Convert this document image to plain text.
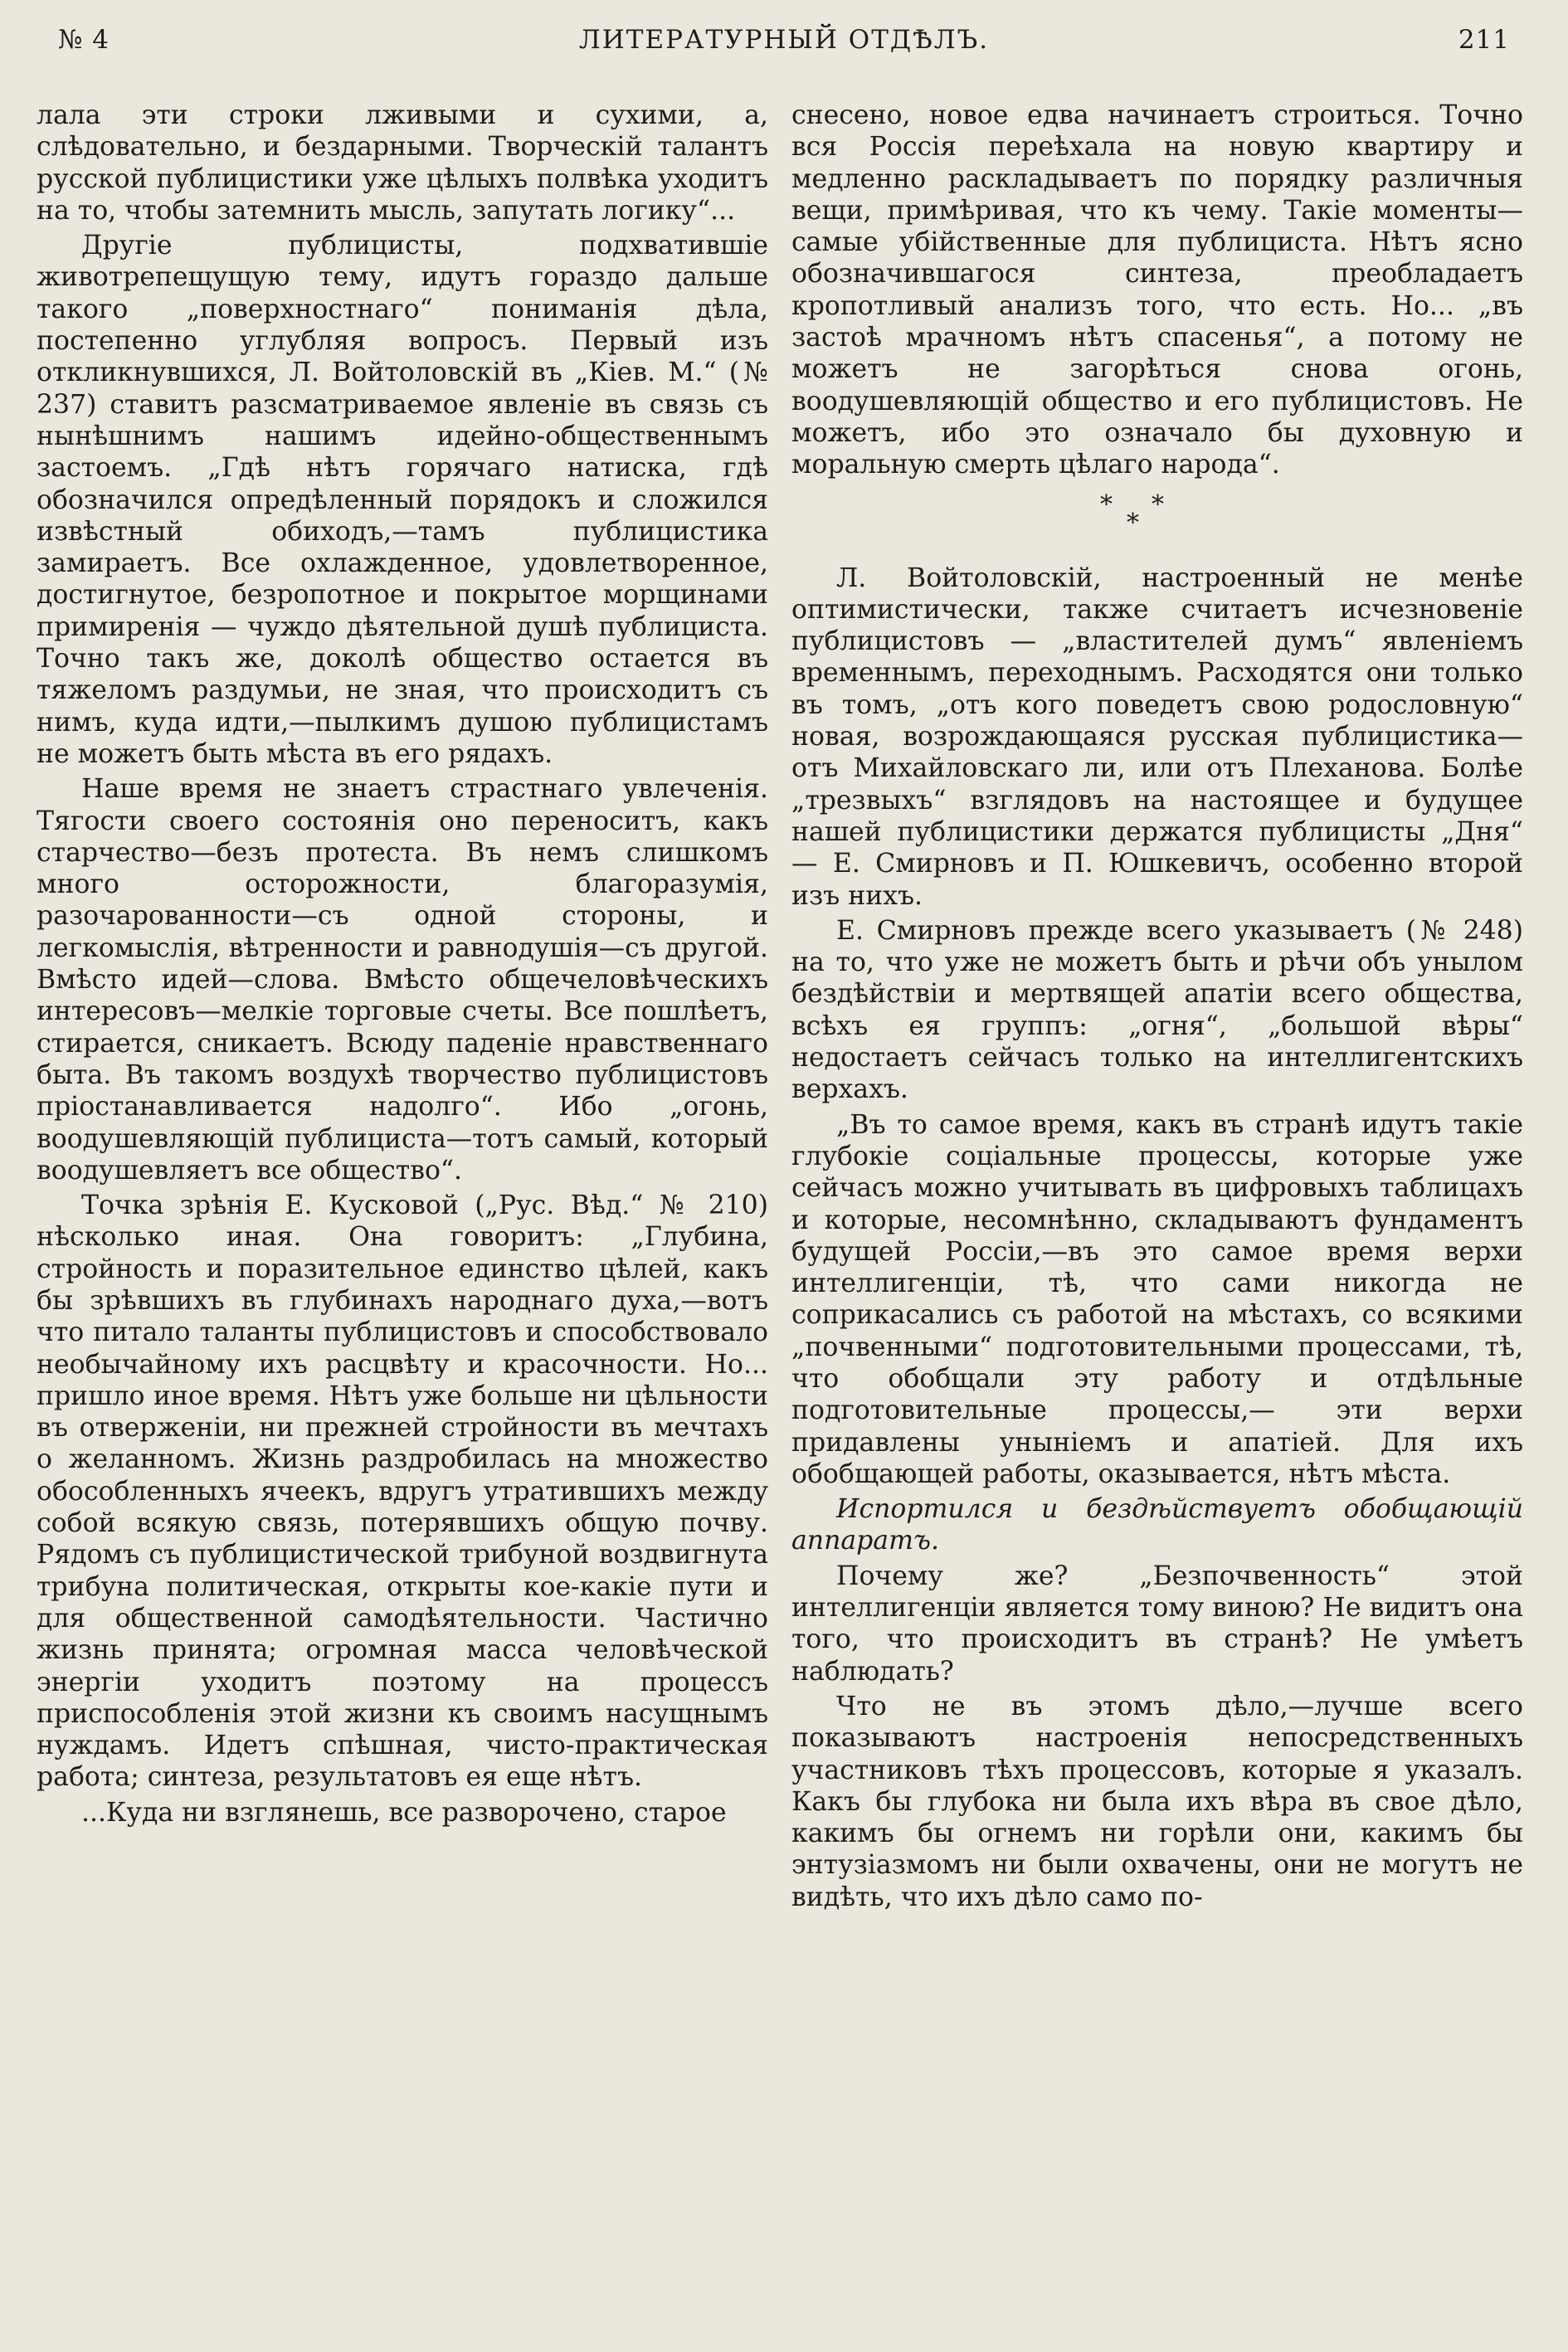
№ 4	ЛИТЕРАТУРНЫЙ ОТДѢЛЪ.	211

лала эти строки лживыми и сухими, а, слѣдовательно, и бездарными. Творческій талантъ русской публицистики уже цѣлыхъ полвѣка уходитъ на то, чтобы затемнить мысль, запутать логику“...

Другіе публицисты, подхватившіе животрепещущую тему, идутъ гораздо дальше такого „поверхностнаго“ пониманія дѣла, постепенно углубляя вопросъ. Первый изъ откликнувшихся, Л. Войтоловскій въ „Кіев. М.“ (№ 237) ставитъ разсматриваемое явленіе въ связь съ нынѣшнимъ нашимъ идейно-общественнымъ застоемъ. „Гдѣ нѣтъ горячаго натиска, гдѣ обозначился опредѣленный порядокъ и сложился извѣстный обиходъ,—тамъ публицистика замираетъ. Все охлажденное, удовлетворенное, достигнутое, безропотное и покрытое морщинами примиренія — чуждо дѣятельной душѣ публициста. Точно такъ же, доколѣ общество остается въ тяжеломъ раздумьи, не зная, что происходитъ съ нимъ, куда идти,—пылкимъ душою публицистамъ не можетъ быть мѣста въ его рядахъ.

Наше время не знаетъ страстнаго увлеченія. Тягости своего состоянія оно переноситъ, какъ старчество—безъ протеста. Въ немъ слишкомъ много осторожности, благоразумія, разочарованности—съ одной стороны, и легкомыслія, вѣтренности и равнодушія—съ другой. Вмѣсто идей—слова. Вмѣсто общечеловѣческихъ интересовъ—мелкіе торговые счеты. Все пошлѣетъ, стирается, сникаетъ. Всюду паденіе нравственнаго быта. Въ такомъ воздухѣ творчество публицистовъ пріостанавливается надолго“. Ибо „огонь, воодушевляющій публициста—тотъ самый, который воодушевляетъ все общество“.

Точка зрѣнія Е. Кусковой („Рус. Вѣд.“ № 210) нѣсколько иная. Она говоритъ: „Глубина, стройность и поразительное единство цѣлей, какъ бы зрѣвшихъ въ глубинахъ народнаго духа,—вотъ что питало таланты публицистовъ и способствовало необычайному ихъ расцвѣту и красочности. Но... пришло иное время. Нѣтъ уже больше ни цѣльности въ отверженіи, ни прежней стройности въ мечтахъ о желанномъ. Жизнь раздробилась на множество обособленныхъ ячеекъ, вдругъ утратившихъ между собой всякую связь, потерявшихъ общую почву. Рядомъ съ публицистической трибуной воздвигнута трибуна политическая, открыты кое-какіе пути и для общественной самодѣятельности. Частично жизнь принята; огромная масса человѣческой энергіи уходитъ поэтому на процессъ приспособленія этой жизни къ своимъ насущнымъ нуждамъ. Идетъ спѣшная, чисто-практическая работа; синтеза, результатовъ ея еще нѣтъ.

...Куда ни взглянешь, все разворочено, старое

снесено, новое едва начинаетъ строиться. Точно вся Россія переѣхала на новую квартиру и медленно раскладываетъ по порядку различныя вещи, примѣривая, что къ чему. Такіе моменты—самые убійственные для публициста. Нѣтъ ясно обозначившагося синтеза, преобладаетъ кропотливый анализъ того, что есть. Но... „въ застоѣ мрачномъ нѣтъ спасенья“, а потому не можетъ не загорѣться снова огонь, воодушевляющій общество и его публицистовъ. Не можетъ, ибо это означало бы духовную и моральную смерть цѣлаго народа“.

*
*
*

Л. Войтоловскій, настроенный не менѣе оптимистически, также считаетъ исчезновеніе публицистовъ — „властителей думъ“ явленіемъ временнымъ, переходнымъ. Расходятся они только въ томъ, „отъ кого поведетъ свою родословную“ новая, возрождающаяся русская публицистика—отъ Михайловскаго ли, или отъ Плеханова. Болѣе „трезвыхъ“ взглядовъ на настоящее и будущее нашей публицистики держатся публицисты „Дня“ — Е. Смирновъ и П. Юшкевичъ, особенно второй изъ нихъ.

Е. Смирновъ прежде всего указываетъ (№ 248) на то, что уже не можетъ быть и рѣчи объ унылом бездѣйствіи и мертвящей апатіи всего общества, всѣхъ ея группъ: „огня“, „большой вѣры“ недостаетъ сейчасъ только на интеллигентскихъ верхахъ.

„Въ то самое время, какъ въ странѣ идутъ такіе глубокіе соціальные процессы, которые уже сейчасъ можно учитывать въ цифровыхъ таблицахъ и которые, несомнѣнно, складываютъ фундаментъ будущей Россіи,—въ это самое время верхи интеллигенціи, тѣ, что сами никогда не соприкасались съ работой на мѣстахъ, со всякими „почвенными“ подготовительными процессами, тѣ, что обобщали эту работу и отдѣльные подготовительные процессы,— эти верхи придавлены уныніемъ и апатіей. Для ихъ обобщающей работы, оказывается, нѣтъ мѣста.

Испортился и бездѣйствуетъ обобщающій аппаратъ.

Почему же? „Безпочвенность“ этой интеллигенціи является тому виною? Не видитъ она того, что происходитъ въ странѣ? Не умѣетъ наблюдать?

Что не въ этомъ дѣло,—лучше всего показываютъ настроенія непосредственныхъ участниковъ тѣхъ процессовъ, которые я указалъ. Какъ бы глубока ни была ихъ вѣра въ свое дѣло, какимъ бы огнемъ ни горѣли они, какимъ бы энтузіазмомъ ни были охвачены, они не могутъ не видѣть, что ихъ дѣло само по-
